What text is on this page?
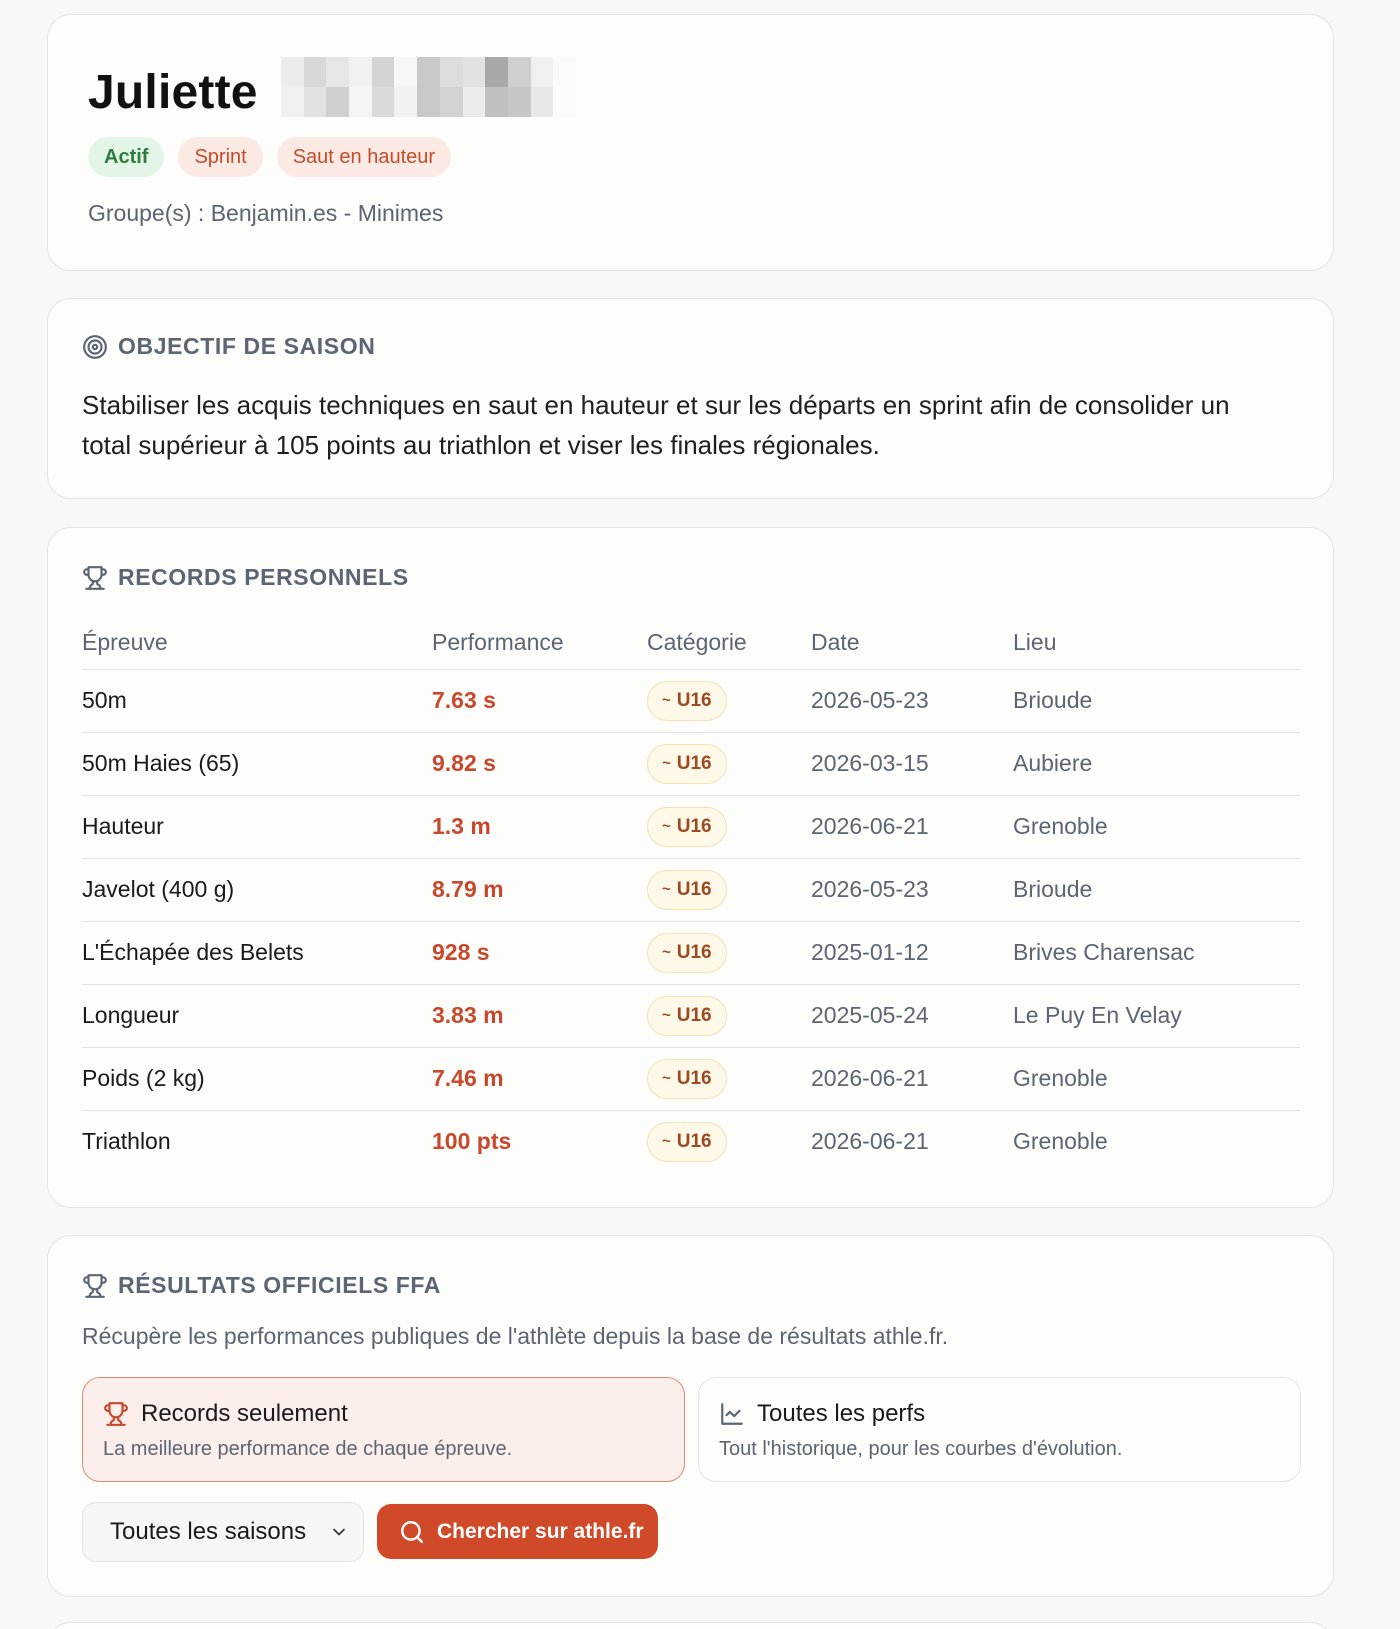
Juliette
Actif	Sprint	Saut en hauteur
Groupe(s) : Benjamin.es - Minimes
OBJECTIF DE SAISON
Stabiliser les acquis techniques en saut en hauteur et sur les départs en sprint afin de consolider un total supérieur à 105 points au triathlon et viser les finales régionales.
RECORDS PERSONNELS
Épreuve	Performance	Catégorie	Date	Lieu
50m	7.63 s	~ U16	2026-05-23	Brioude
50m Haies (65)	9.82 s	~ U16	2026-03-15	Aubiere
Hauteur	1.3 m	~ U16	2026-06-21	Grenoble
Javelot (400 g)	8.79 m	~ U16	2026-05-23	Brioude
L'Échapée des Belets	928 s	~ U16	2025-01-12	Brives Charensac
Longueur	3.83 m	~ U16	2025-05-24	Le Puy En Velay
Poids (2 kg)	7.46 m	~ U16	2026-06-21	Grenoble
Triathlon	100 pts	~ U16	2026-06-21	Grenoble
RÉSULTATS OFFICIELS FFA
Récupère les performances publiques de l'athlète depuis la base de résultats athle.fr.
Records seulement
La meilleure performance de chaque épreuve.
Toutes les perfs
Tout l'historique, pour les courbes d'évolution.
Toutes les saisons	Chercher sur athle.fr
